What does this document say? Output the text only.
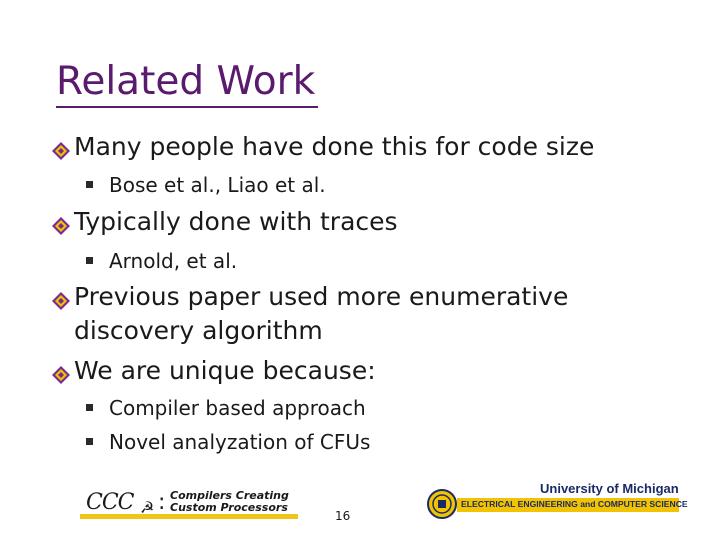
Related Work
Many people have done this for code size
Bose et al., Liao et al.
Typically done with traces
Arnold, et al.
Previous paper used more enumerative discovery algorithm
We are unique because:
Compiler based approach
Novel analyzation of CFUs
CCC ☭ : Compilers Creating
Custom Processors
16
University of Michigan
ELECTRICAL ENGINEERING and COMPUTER SCIENCE
